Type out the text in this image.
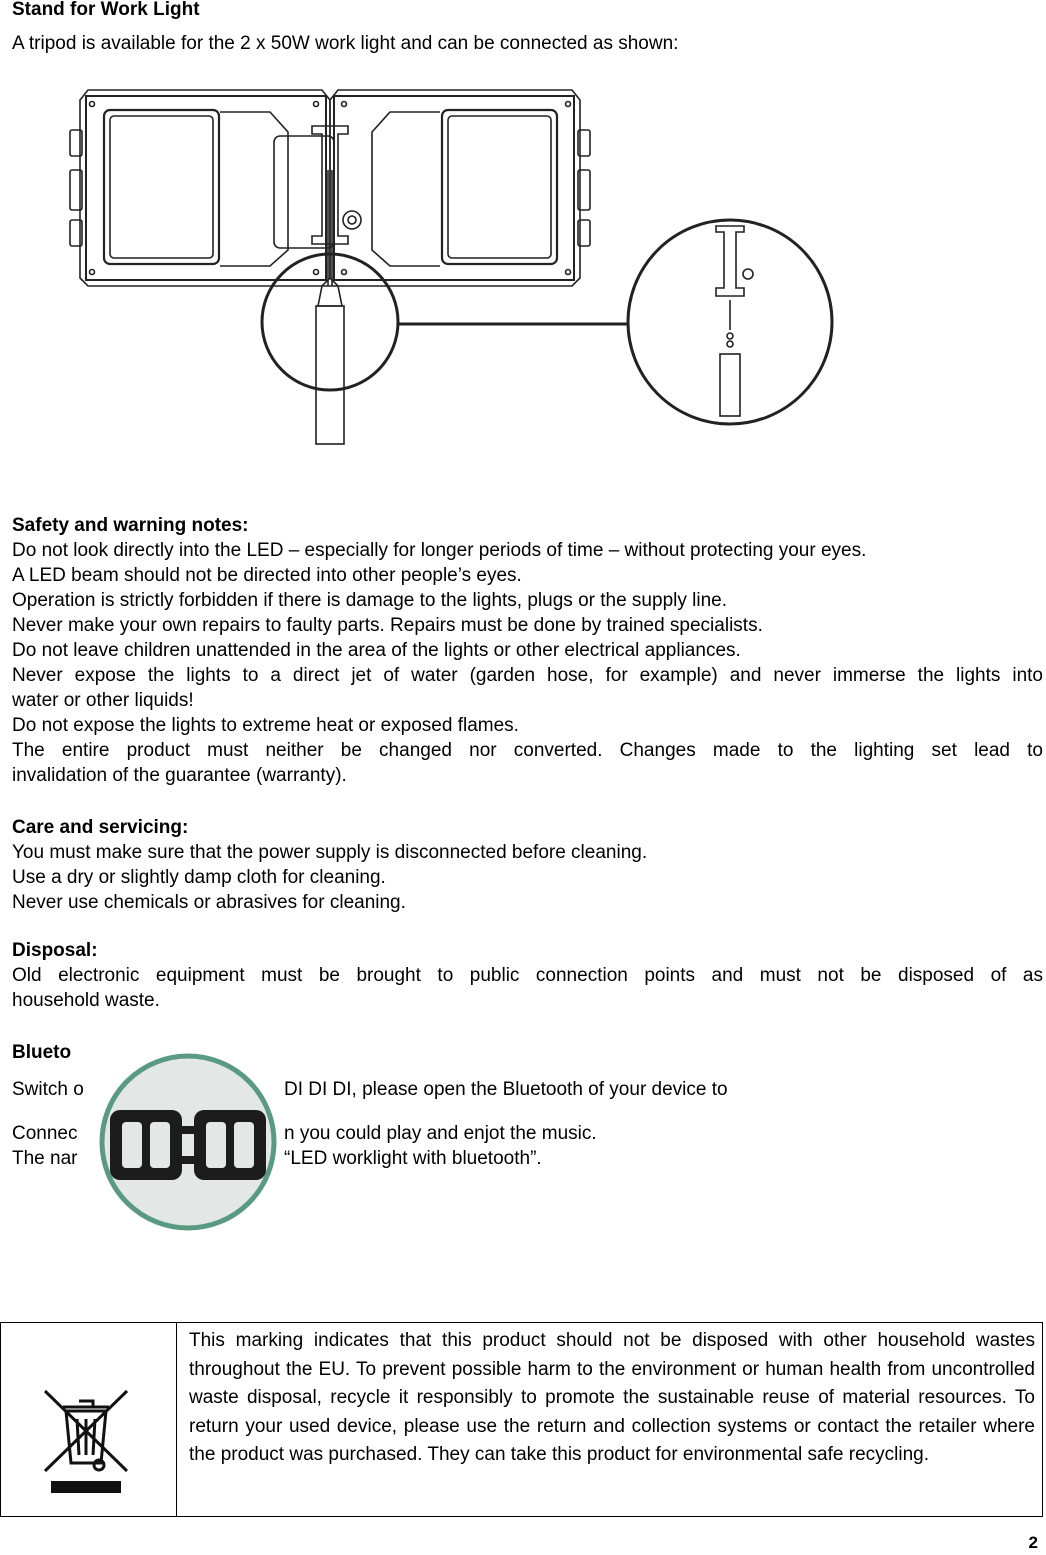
Stand for Work Light
A tripod is available for the 2 x 50W work light and can be connected as shown:
Safety and warning notes:
Do not look directly into the LED – especially for longer periods of time – without protecting your eyes.
A LED beam should not be directed into other people’s eyes.
Operation is strictly forbidden if there is damage to the lights, plugs or the supply line.
Never make your own repairs to faulty parts. Repairs must be done by trained specialists.
Do not leave children unattended in the area of the lights or other electrical appliances.
Never expose the lights to a direct jet of water (garden hose, for example) and never immerse the lights into
water or other liquids!
Do not expose the lights to extreme heat or exposed flames.
The entire product must neither be changed nor converted. Changes made to the lighting set lead to
invalidation of the guarantee (warranty).
Care and servicing:
You must make sure that the power supply is disconnected before cleaning.
Use a dry or slightly damp cloth for cleaning.
Never use chemicals or abrasives for cleaning.
Disposal:
Old electronic equipment must be brought to public connection points and must not be disposed of as
household waste.
Blueto
Switch o	DI DI DI, please open the Bluetooth of your device to
Connec	n you could play and enjot the music.
The nar	“LED worklight with bluetooth”.
This marking indicates that this product should not be disposed with other household wastes throughout the EU. To prevent possible harm to the environment or human health from uncontrolled waste disposal, recycle it responsibly to promote the sustainable reuse of material resources. To return your used device, please use the return and collection systems or contact the retailer where the product was purchased. They can take this product for environmental safe recycling.
2
